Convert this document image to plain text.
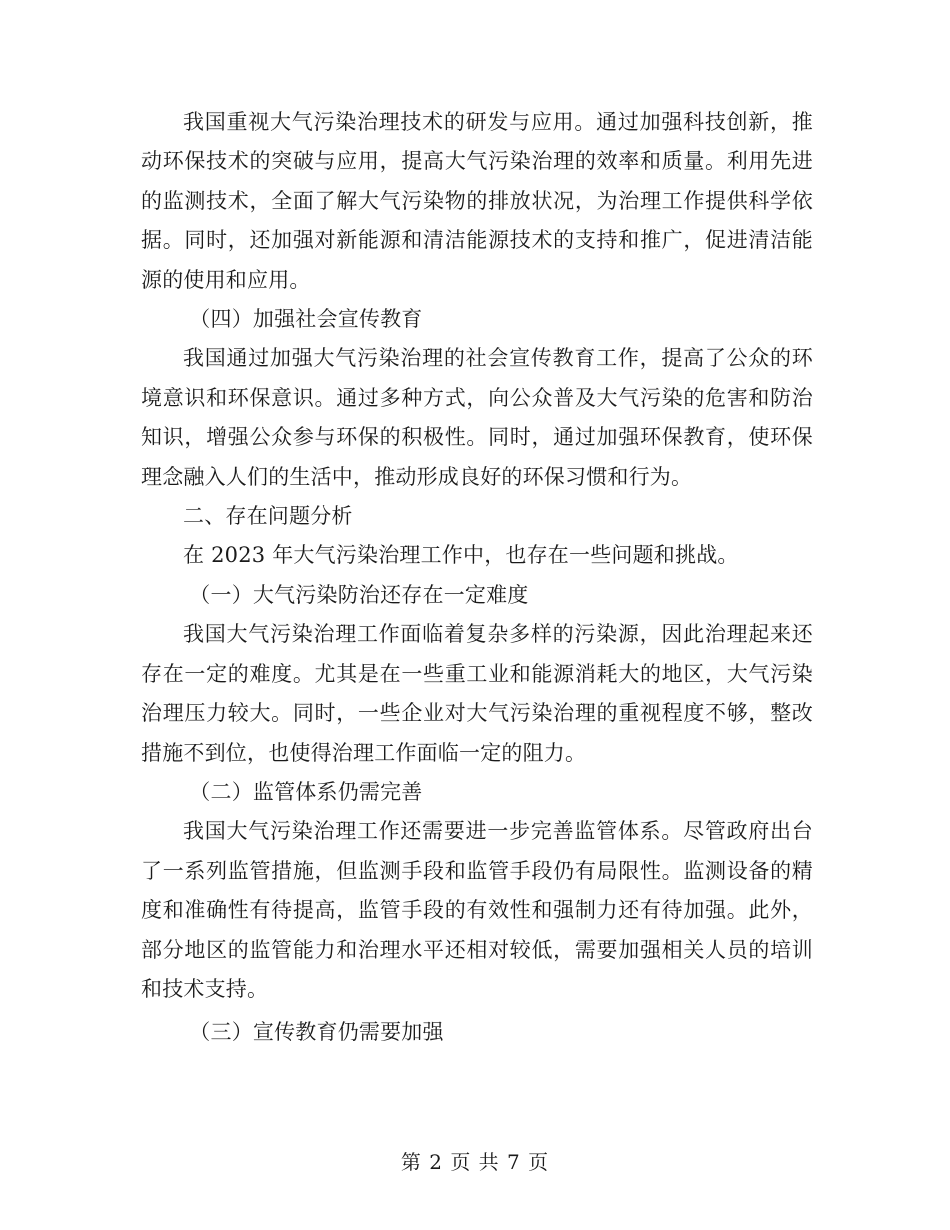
我国重视大气污染治理技术的研发与应用。通过加强科技创新，推动环保技术的突破与应用，提高大气污染治理的效率和质量。利用先进的监测技术，全面了解大气污染物的排放状况，为治理工作提供科学依据。同时，还加强对新能源和清洁能源技术的支持和推广，促进清洁能源的使用和应用。

（四）加强社会宣传教育

我国通过加强大气污染治理的社会宣传教育工作，提高了公众的环境意识和环保意识。通过多种方式，向公众普及大气污染的危害和防治知识，增强公众参与环保的积极性。同时，通过加强环保教育，使环保理念融入人们的生活中，推动形成良好的环保习惯和行为。

二、存在问题分析

在 2023 年大气污染治理工作中，也存在一些问题和挑战。

（一）大气污染防治还存在一定难度

我国大气污染治理工作面临着复杂多样的污染源，因此治理起来还存在一定的难度。尤其是在一些重工业和能源消耗大的地区，大气污染治理压力较大。同时，一些企业对大气污染治理的重视程度不够，整改措施不到位，也使得治理工作面临一定的阻力。

（二）监管体系仍需完善

我国大气污染治理工作还需要进一步完善监管体系。尽管政府出台了一系列监管措施，但监测手段和监管手段仍有局限性。监测设备的精度和准确性有待提高，监管手段的有效性和强制力还有待加强。此外，部分地区的监管能力和治理水平还相对较低，需要加强相关人员的培训和技术支持。

（三）宣传教育仍需要加强

第 2 页 共 7 页
